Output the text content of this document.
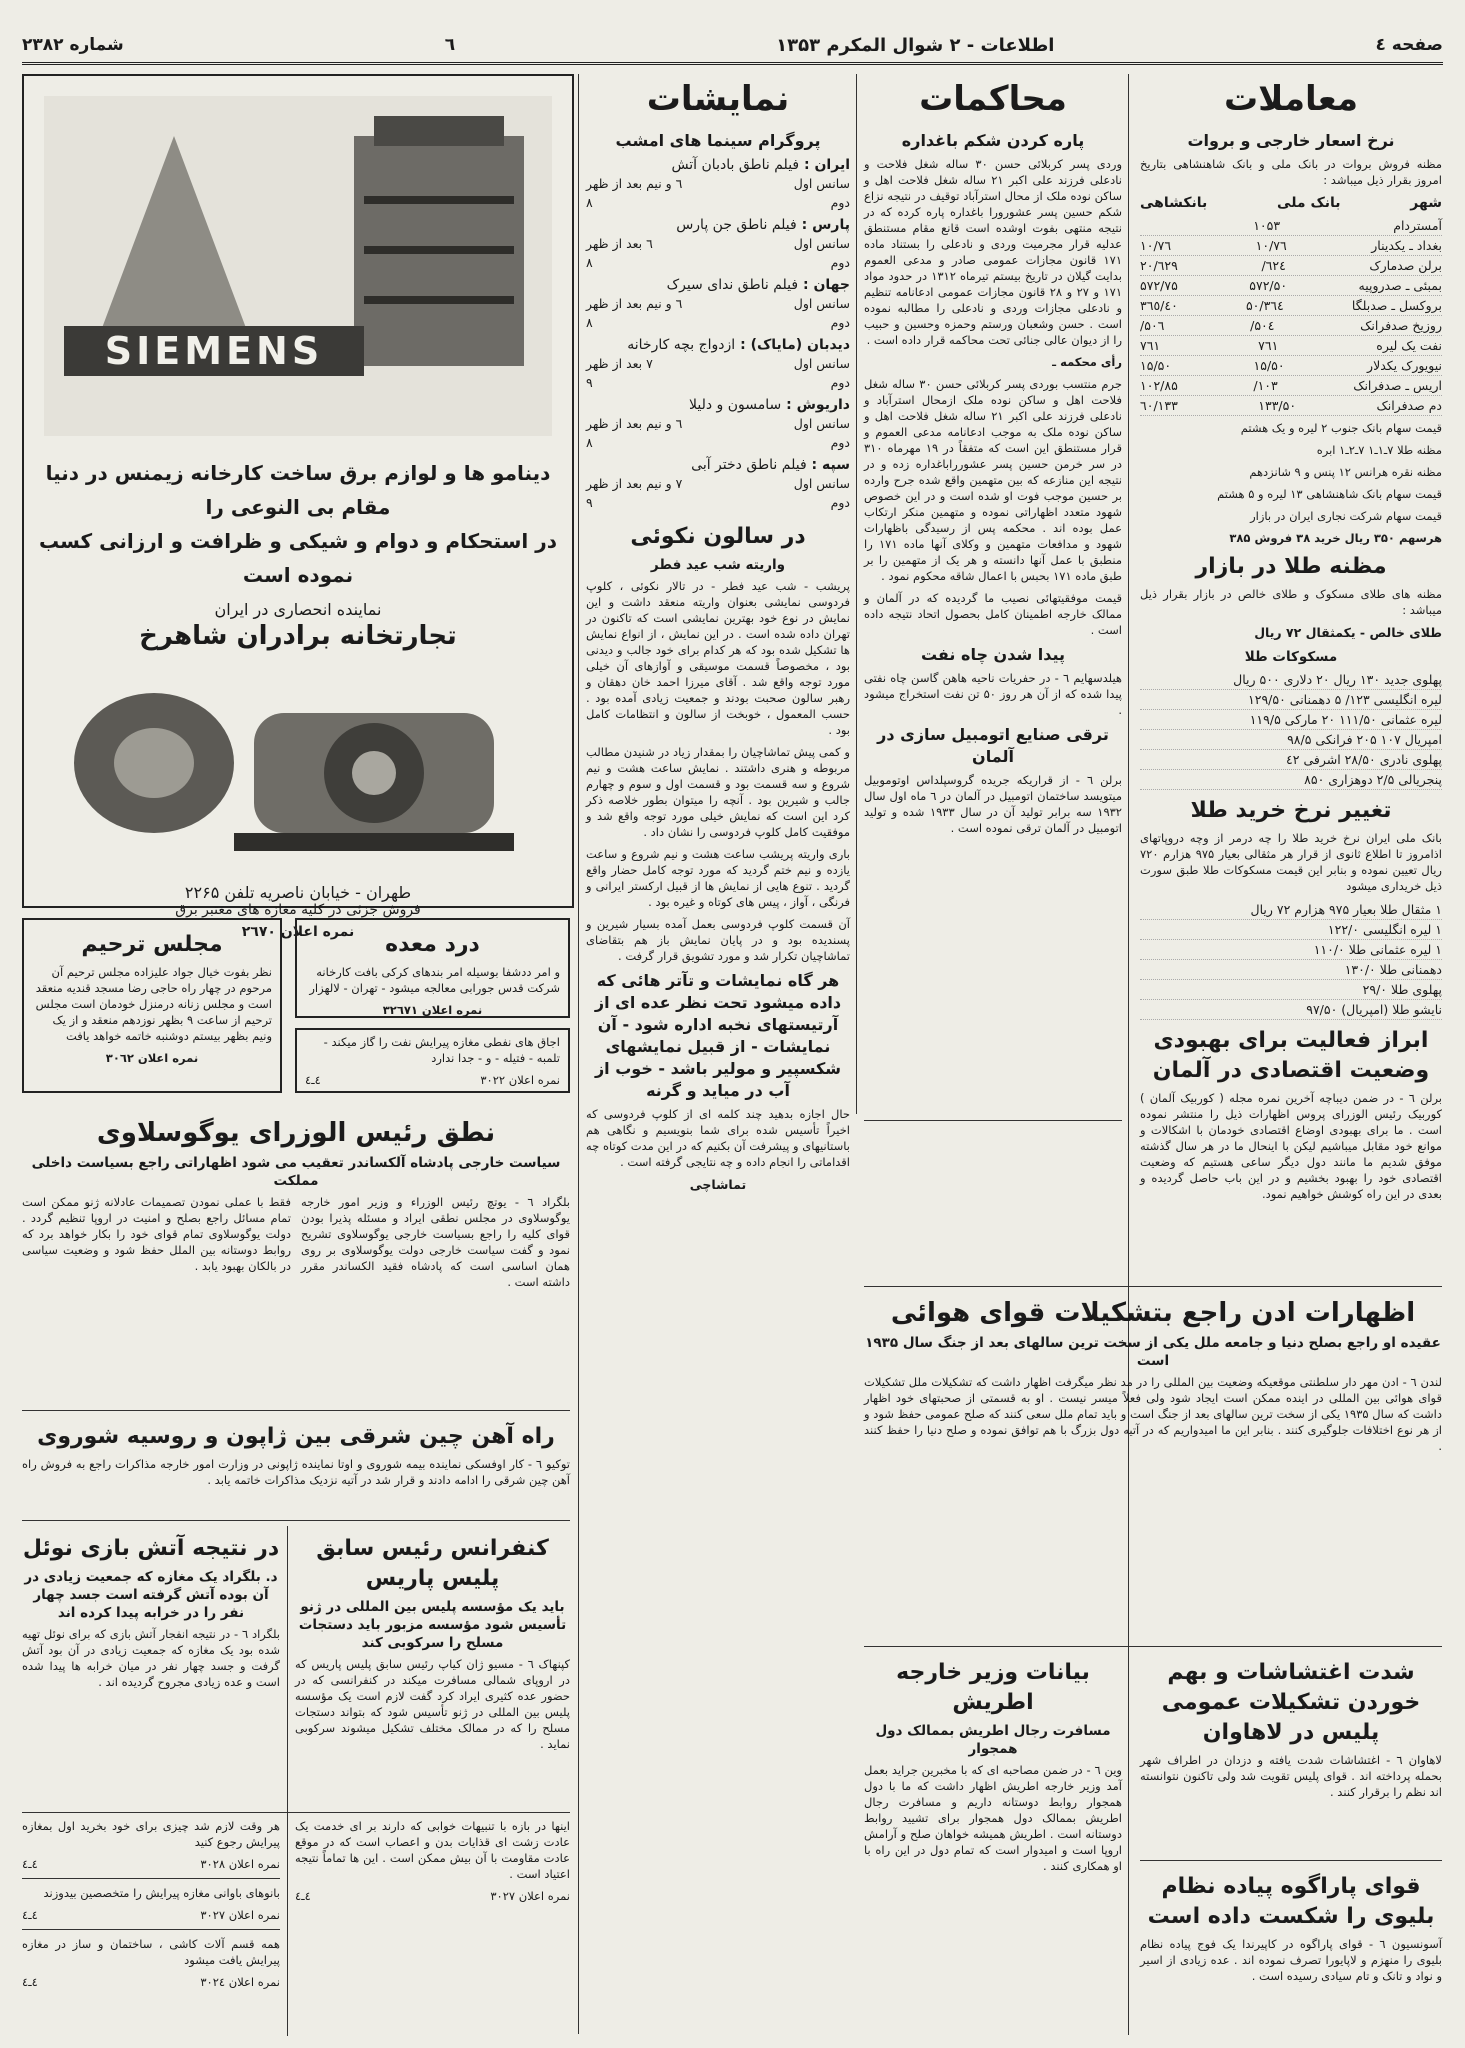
صفحه ٤
اطلاعات - ۲ شوال المکرم ۱۳۵۳
٦
شماره ۲۳۸۲
معاملات
نرخ اسعار خارجی و بروات
مظنه فروش بروات در بانک ملی و بانک شاهنشاهی بتاریخ امروز بقرار ذیل میباشد :
شهر
بانک ملی
بانکشاهی
آمستردام
۱۰۵۳
بغداد ـ یکدینار
۷٦/۱۰
۷٦/۱۰
برلن صدمارک
٦۲٤/
٦۲٩/۲۰
بمبئی ـ صدروپیه
۵۷۲/۵۰
۵۷۲/۷۵
بروکسل ـ صدبلگا
۳٦٤/۵۰
۳٦٥/٤۰
روزیخ صدفرانک
۵۰٤/
۵۰٦/
نفت یک لیره
۷٦۱
۷٦۱
نیویورک یکدلار
۱۵/۵۰
۱۵/۵۰
اریس ـ صدفرانک
۱۰۳/
۱۰۲/۸۵
دم صدفرانک
۱۳۳/۵۰
۱۳۳/٦۰
قیمت سهام بانک جنوب ۲ لیره و یک هشتم
مظنه طلا ۷ـ۱ـ۱ ۷ـ۲ـ۱ ابره
مظنه نقره هرانس ۱۲ پنس و ۹ شانزدهم
قیمت سهام بانک شاهنشاهی ۱۳ لیره و ۵ هشتم
قیمت سهام شرکت نجاری ایران در بازار
هرسهم ۳۵۰ ریال خرید ۳۸ فروش ۳۸۵
مظنه طلا در بازار
مظنه های طلای مسکوک و طلای خالص در بازار بقرار ذیل میباشد :
طلای خالص - یکمثقال ۷۲ ریال
مسکوکات طلا
پهلوی جدید ۱۳۰ ریال ۲۰ دلاری ۵۰۰ ریال
لیره انگلیسی ۱۲۳/ ۵ دهمنانی ۱۲٩/۵۰
لیره عثمانی ۱۱۱/۵۰ ۲۰ مارکی ۱۱٩/۵
امپریال ۱۰۷ ۲۰۵ فرانکی ۹۸/۵
پهلوی نادری ۲۸/۵۰ اشرفی ٤۲
پنجریالی ۲/۵ دوهزاری ۸۵۰
تغییر نرخ خرید طلا
بانک ملی ایران نرخ خرید طلا را چه درمر از وچه دروپاتهای اذامروز تا اطلاع ثانوی از قرار هر مثقالی بعیار ۹۷۵ هزارم ۷۲۰ ریال تعیین نموده و بنابر این قیمت مسکوکات طلا طبق سورت ذیل خریداری میشود
۱ مثقال طلا بعیار ۹۷۵ هزارم ۷۲ ریال
۱ لیره انگلیسی ۱۲۲/۰
۱ لیره عثمانی طلا ۱۱۰/۰
دهمنانی طلا ۱۳۰/۰
پهلوی طلا ۲۹/۰
نایشو طلا (امپریال) ۹۷/۵۰
ابراز فعالیت برای بهبودی وضعیت اقتصادی در آلمان
برلن ٦ - در ضمن دیباچه آخرین نمره مجله ( کوربیک آلمان ) کوربیک رئیس الوزرای پروس اظهارات ذیل را منتشر نموده است . ما برای بهبودی اوضاع اقتصادی خودمان با اشکالات و موانع خود مقابل میباشیم لیکن با اینحال ما در هر سال گذشته موفق شدیم ما مانند دول دیگر ساعی هستیم که وضعیت اقتصادی خود را بهبود بخشیم و در این باب حاصل گردیده و بعدی در این راه کوشش خواهیم نمود.
محاکمات
پاره کردن شکم باغداره
وردی پسر کربلائی حسن ۳۰ ساله شغل فلاحت و نادعلی فرزند علی اکبر ۲۱ ساله شغل فلاحت اهل و ساکن نوده ملک از محال استرآباد توقیف در نتیجه نزاع شکم حسین پسر عشورورا باغداره پاره کرده که در نتیجه منتهی بفوت اوشده است قانع مقام مستنطق عدلیه قرار مجرمیت وردی و نادعلی را بستناد ماده ۱۷۱ قانون مجازات عمومی صادر و مدعی العموم بدایت گیلان در تاریخ بیستم تیرماه ۱۳۱۲ در حدود مواد ۱۷۱ و ۲۷ و ۲۸ قانون مجازات عمومی ادعانامه تنظیم و نادعلی مجازات وردی و نادعلی را مطالبه نموده است . حسن وشعبان ورستم وحمزه وحسین و حبیب را از دیوان عالی جنائی تحت محاکمه قرار داده است .
رأی محکمه ـ
جرم منتسب بوردی پسر کربلائی حسن ۳۰ ساله شغل فلاحت اهل و ساکن نوده ملک ازمحال استرآباد و نادعلی فرزند علی اکبر ۲۱ ساله شغل فلاحت اهل و ساکن نوده ملک به موجب ادعانامه مدعی العموم و قرار مستنطق این است که متفقاً در ۱۹ مهرماه ۳۱۰ در سر خرمن حسین پسر عشورراباغداره زده و در نتیجه این منازعه که بین متهمین واقع شده جرح وارده بر حسین موجب فوت او شده است و در این خصوص شهود متعدد اظهاراتی نموده و متهمین منکر ارتکاب عمل بوده اند . محکمه پس از رسیدگی باظهارات شهود و مدافعات متهمین و وکلای آنها ماده ۱۷۱ را منطبق با عمل آنها دانسته و هر یک از متهمین را بر طبق ماده ۱۷۱ بحبس با اعمال شاقه محکوم نمود .
قیمت موفقیتهائی نصیب ما گردیده که در آلمان و ممالک خارجه اطمینان کامل بحصول اتحاد نتیجه داده است .
پیدا شدن چاه نفت
هیلدسهایم ٦ - در حفریات ناحیه هاهن گاسن چاه نفتی پیدا شده که از آن هر روز ۵۰ تن نفت استخراج میشود .
ترقی صنایع اتومبیل سازی در آلمان
برلن ٦ - از قراریکه جریده گروسپلداس اوتوموبیل میتویسد ساختمان اتومبیل در آلمان در ٦ ماه اول سال ۱۹۳۲ سه برابر تولید آن در سال ۱۹۳۳ شده و تولید اتومبیل در آلمان ترقی نموده است .
نمایشات
پروگرام سینما های امشب
ایران : فیلم ناطق بادبان آتش
سانس اول
٦ و نیم بعد از ظهر
دوم
۸
پارس : فیلم ناطق جن پارس
سانس اول
٦ بعد از ظهر
دوم
۸
جهان : فیلم ناطق ندای سیرک
سانس اول
٦ و نیم بعد از ظهر
دوم
۸
دیدبان (مایاک) : ازدواج بچه کارخانه
سانس اول
۷ بعد از ظهر
دوم
۹
داریوش : سامسون و دلیلا
سانس اول
٦ و نیم بعد از ظهر
دوم
۸
سپه : فیلم ناطق دختر آبی
سانس اول
۷ و نیم بعد از ظهر
دوم
۹
در سالون نکوئی
واریته شب عید فطر
پریشب - شب عید فطر - در تالار نکوئی ، کلوپ فردوسی نمایشی بعنوان واریته منعقد داشت و این نمایش در نوع خود بهترین نمایشی است که تاکنون در تهران داده شده است . در این نمایش ، از انواع نمایش ها تشکیل شده بود که هر کدام برای خود جالب و دیدنی بود ، مخصوصاً قسمت موسیقی و آوازهای آن خیلی مورد توجه واقع شد . آقای میرزا احمد خان دهقان و رهبر سالون صحبت بودند و جمعیت زیادی آمده بود . حسب المعمول ، خوبخت از سالون و انتظامات کامل بود .
و کمی پیش تماشاچیان را بمقدار زیاد در شنیدن مطالب مربوطه و هنری داشتند . نمایش ساعت هشت و نیم شروع و سه قسمت بود و قسمت اول و سوم و چهارم جالب و شیرین بود . آنچه را میتوان بطور خلاصه ذکر کرد این است که نمایش خیلی مورد توجه واقع شد و موفقیت کامل کلوپ فردوسی را نشان داد .
باری واریته پریشب ساعت هشت و نیم شروع و ساعت یازده و نیم ختم گردید که مورد توجه کامل حضار واقع گردید . تنوع هایی از نمایش ها از قبیل ارکستر ایرانی و فرنگی ، آواز ، پیس های کوتاه و غیره بود .
آن قسمت کلوپ فردوسی بعمل آمده بسیار شیرین و پسندیده بود و در پایان نمایش باز هم بتقاضای تماشاچیان تکرار شد و مورد تشویق قرار گرفت .
هر گاه نمایشات و تآتر هائی که داده میشود تحت نظر عده ای از آرتیستهای نخبه اداره شود - آن نمایشات - از قبیل نمایشهای شکسپیر و مولیر باشد - خوب از آب در میاید و گرنه
حال اجازه بدهید چند کلمه ای از کلوپ فردوسی که اخیراً تأسیس شده برای شما بنویسیم و نگاهی هم باستانیهای و پیشرفت آن بکنیم که در این مدت کوتاه چه اقداماتی را انجام داده و چه نتایجی گرفته است .
تماشاچی
SIEMENS
دینامو ها و لوازم برق ساخت کارخانه زیمنس در دنیا مقام بی النوعی را
در استحکام و دوام و شیکی و ظرافت و ارزانی کسب نموده است
نماینده انحصاری در ایران
تجارتخانه برادران شاهرخ
طهران - خیابان ناصریه تلفن ۲۲۶۵
فروش جزئی در کلیه مغازه های معتبر برق
نمره اعلان ۲٦۷۰
مجلس ترحیم
نظر بفوت خیال جواد علیزاده مجلس ترحیم آن مرحوم در چهار راه حاجی رضا مسجد قندیه منعقد است و مجلس زنانه درمنزل خودمان است مجلس ترحیم از ساعت ۹ بظهر نوزدهم منعقد و از یک ونیم بظهر بیستم دوشنبه خاتمه خواهد یافت
نمره اعلان ۳۰٦۲
درد معده
و امر ددشفا بوسیله امر بندهای کرکی بافت کارخانه شرکت قدس جورابی معالجه میشود - تهران - لالهزار
نمره اعلان ۳۲٦٧۱
اجاق های نفطی مغازه پیرایش نفت را گاز میکند - تلمبه - فتیله - و - جدا ندارد
نمره اعلان ۳۰۲۲
٤ـ٤
نطق رئیس الوزرای یوگوسلاوی
سیاست خارجی پادشاه آلکساندر تعقیب می شود اظهاراتی راجع بسیاست داخلی مملکت
بلگراد ٦ - یوتچ رئیس الوزراء و وزیر امور خارجه یوگوسلاوی در مجلس نطقی ایراد و مسئله پذیرا بودن قوای کلیه را راجع بسیاست خارجی یوگوسلاوی تشریح نمود و گفت سیاست خارجی دولت یوگوسلاوی بر روی همان اساسی است که پادشاه فقید الکساندر مقرر داشته است .
فقط با عملی نمودن تصمیمات عادلانه ژنو ممکن است تمام مسائل راجع بصلح و امنیت در اروپا تنظیم گردد . دولت یوگوسلاوی تمام قوای خود را بکار خواهد برد که روابط دوستانه بین الملل حفظ شود و وضعیت سیاسی در بالکان بهبود یابد .
راه آهن چین شرقی بین ژاپون و روسیه شوروی
توکیو ٦ - کار اوفسکی نماینده بیمه شوروی و اوتا نماینده ژاپونی در وزارت امور خارجه مذاکرات راجع به فروش راه آهن چین شرقی را ادامه دادند و قرار شد در آتیه نزدیک مذاکرات خاتمه یابد .
در نتیجه آتش بازی نوئل
د. بلگراد یک مغازه که جمعیت زیادی در آن بوده آتش گرفته است جسد چهار نفر را در خرابه پیدا کرده اند
بلگراد ٦ - در نتیجه انفجار آتش بازی که برای نوئل تهیه شده بود یک مغازه که جمعیت زیادی در آن بود آتش گرفت و جسد چهار نفر در میان خرابه ها پیدا شده است و عده زیادی مجروح گردیده اند .
کنفرانس رئیس سابق پلیس پاریس
باید یک مؤسسه پلیس بین المللی در ژنو تأسیس شود مؤسسه مزبور باید دستجات مسلح را سرکوبی کند
کپنهاک ٦ - مسیو ژان کیاپ رئیس سابق پلیس پاریس که در اروپای شمالی مسافرت میکند در کنفرانسی که در حضور عده کثیری ایراد کرد گفت لازم است یک مؤسسه پلیس بین المللی در ژنو تأسیس شود که بتواند دستجات مسلح را که در ممالک مختلف تشکیل میشوند سرکوبی نماید .
هر وقت لازم شد چیزی برای خود بخرید اول بمغازه پیرایش رجوع کنید
نمره اعلان ۳۰۲۸
٤ـ٤
بانوهای باوانی مغازه پیرایش را متخصصین بیدوزند
نمره اعلان ۳۰۲۷
٤ـ٤
همه قسم آلات کاشی ، ساختمان و ساز در مغازه پیرایش یافت میشود
نمره اعلان ۳۰۲٤
٤ـ٤
اینها در بازه با تنبیهات خوابی که دارند بر ای خدمت یک عادت زشت ای قذایات بدن و اعصاب است که در موقع عادت مقاومت با آن بیش ممکن است . این ها تماماً نتیجه اعتیاد است .
نمره اعلان ۳۰۲۷
٤ـ٤
اظهارات ادن راجع بتشکیلات قوای هوائی
عقیده او راجع بصلح دنیا و جامعه ملل یکی از سخت ترین سالهای بعد از جنگ سال ۱۹۳۵ است
لندن ٦ - ادن مهر دار سلطنتی موقعیکه وضعیت بین المللی را در مد نظر میگرفت اظهار داشت که تشکیلات ملل تشکیلات قوای هوائی بین المللی در اینده ممکن است ایجاد شود ولی فعلاً میسر نیست . او به قسمتی از صحبتهای خود اظهار داشت که سال ۱۹۳۵ یکی از سخت ترین سالهای بعد از جنگ است و باید تمام ملل سعی کنند که صلح عمومی حفظ شود و از هر نوع اختلافات جلوگیری کنند . بنابر این ما امیدواریم که در آتیه دول بزرگ با هم توافق نموده و صلح دنیا را حفظ کنند .
بیانات وزیر خارجه اطریش
مسافرت رجال اطریش بممالک دول همجوار
وین ٦ - در ضمن مصاحبه ای که با مخبرین جراید بعمل آمد وزیر خارجه اطریش اظهار داشت که ما با دول همجوار روابط دوستانه داریم و مسافرت رجال اطریش بممالک دول همجوار برای تشیید روابط دوستانه است . اطریش همیشه خواهان صلح و آرامش اروپا است و امیدوار است که تمام دول در این راه با او همکاری کنند .
شدت اغتشاشات و بهم خوردن تشکیلات عمومی پلیس در لاهاوان
لاهاوان ٦ - اغتشاشات شدت یافته و دزدان در اطراف شهر بحمله پرداخته اند . قوای پلیس تقویت شد ولی تاکنون نتوانسته اند نظم را برقرار کنند .
قوای پاراگوه پیاده نظام بلیوی را شکست داده است
آسونسیون ٦ - قوای پاراگوه در کاپیرندا یک فوج پیاده نظام بلیوی را منهزم و لاپایورا تصرف نموده اند . عده زیادی از اسیر و نواد و تانک و تام سیادی رسیده است .
